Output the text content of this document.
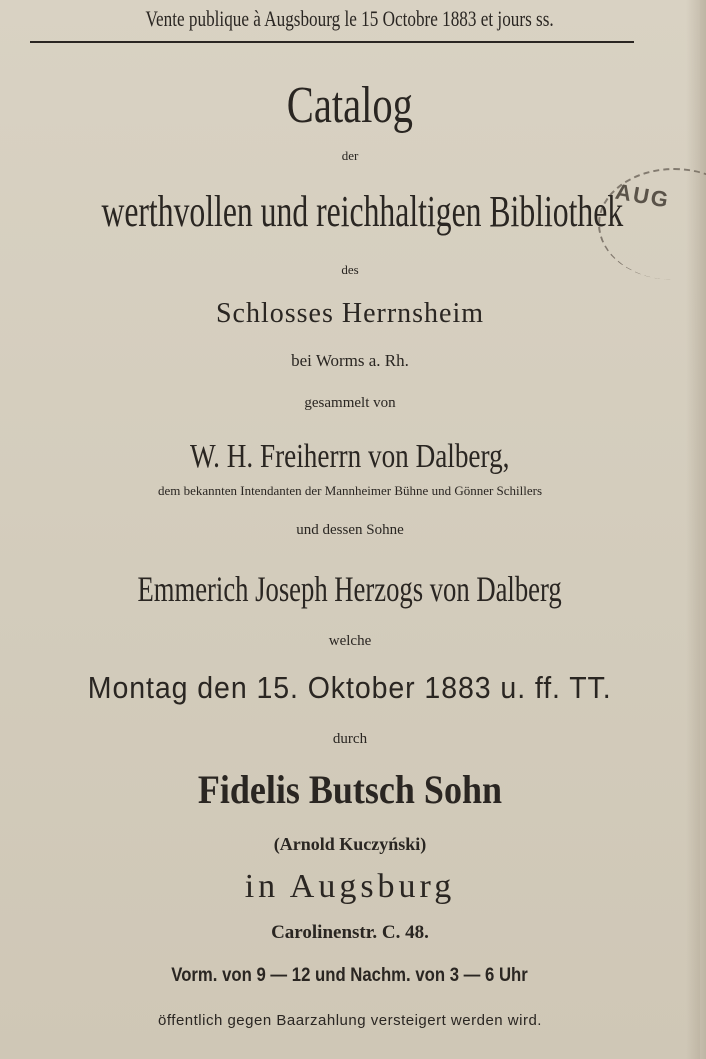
Vente publique à Augsbourg le 15 Octobre 1883 et jours ss.
Catalog
der
werthvollen und reichhaltigen Bibliothek
des
Schlosses Herrnsheim
bei Worms a. Rh.
gesammelt von
W. H. Freiherrn von Dalberg,
dem bekannten Intendanten der Mannheimer Bühne und Gönner Schillers
und dessen Sohne
Emmerich Joseph Herzogs von Dalberg
welche
Montag den 15. Oktober 1883 u. ff. TT.
durch
Fidelis Butsch Sohn
(Arnold Kuczyński)
in Augsburg
Carolinenstr. C. 48.
Vorm. von 9 — 12 und Nachm. von 3 — 6 Uhr
öffentlich gegen Baarzahlung versteigert werden wird.
AUG
